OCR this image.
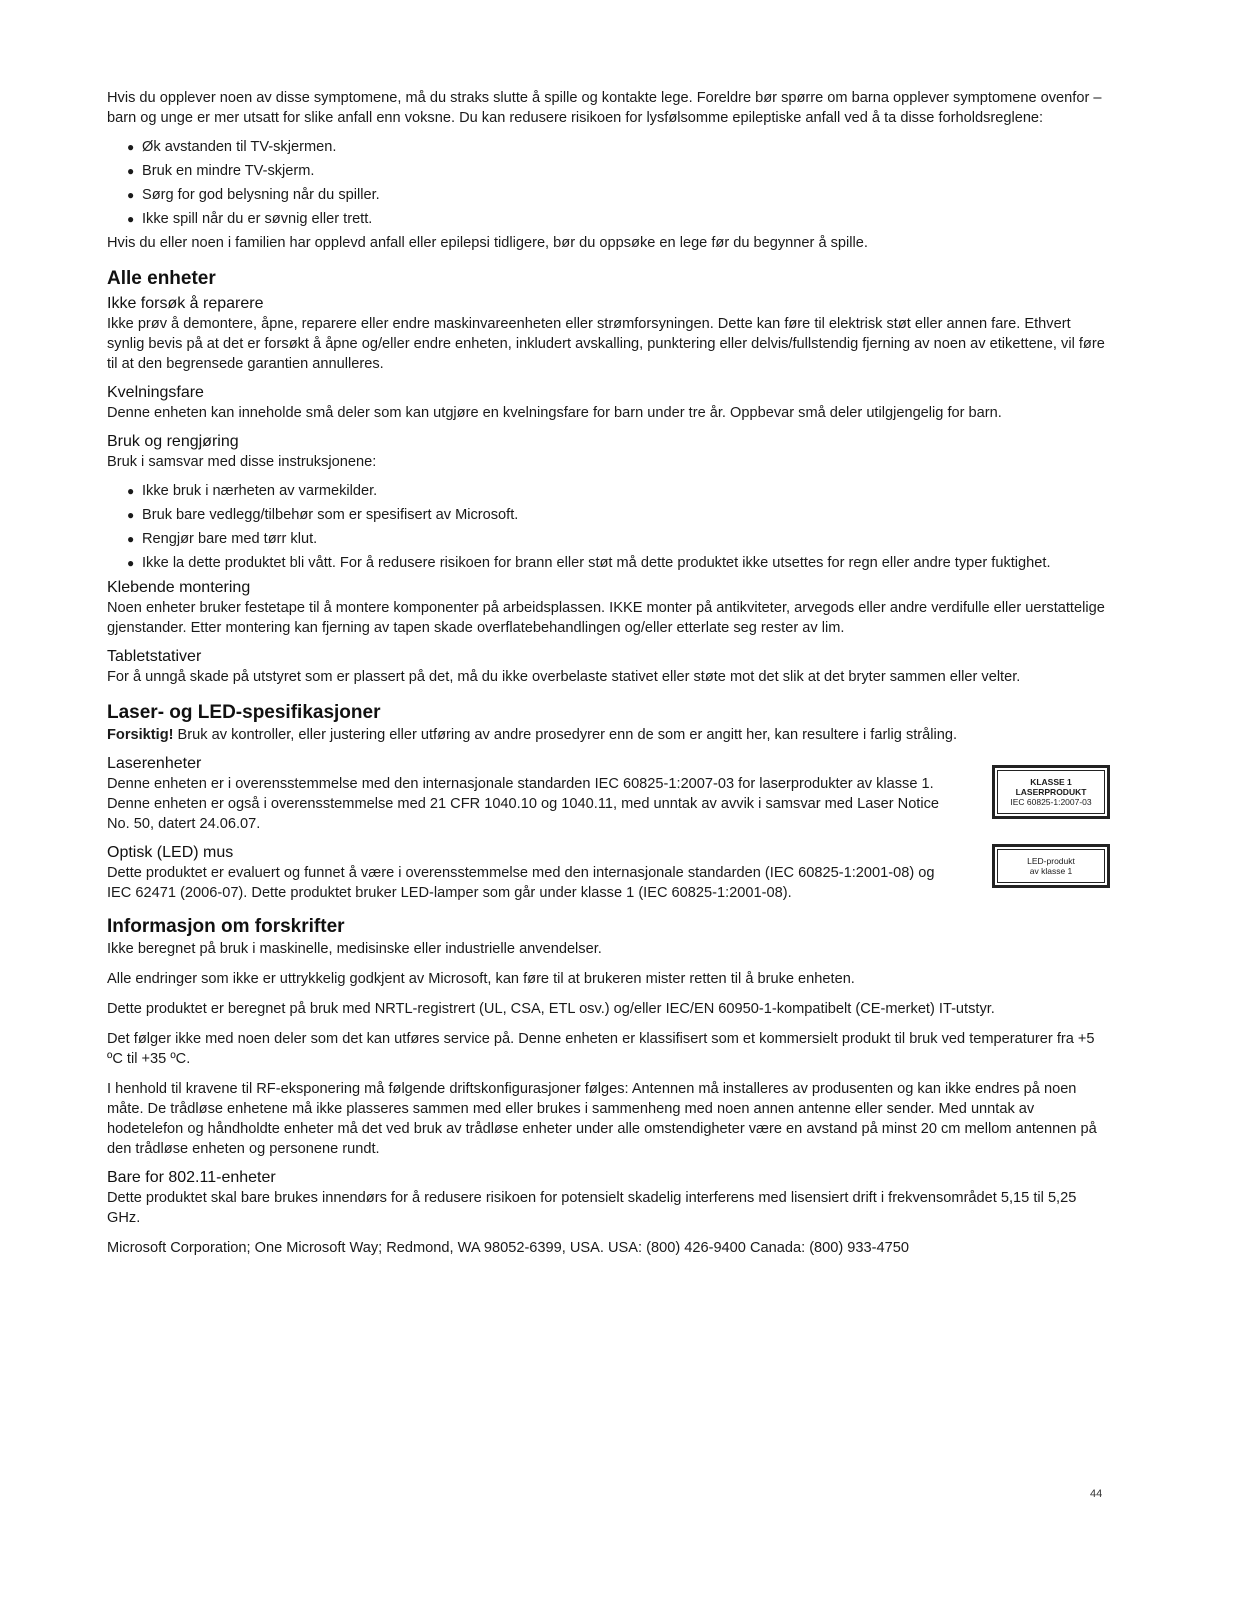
Hvis du opplever noen av disse symptomene, må du straks slutte å spille og kontakte lege. Foreldre bør spørre om barna opplever symptomene ovenfor – barn og unge er mer utsatt for slike anfall enn voksne. Du kan redusere risikoen for lysfølsomme epileptiske anfall ved å ta disse forholdsreglene:

● Øk avstanden til TV-skjermen.
● Bruk en mindre TV-skjerm.
● Sørg for god belysning når du spiller.
● Ikke spill når du er søvnig eller trett.

Hvis du eller noen i familien har opplevd anfall eller epilepsi tidligere, bør du oppsøke en lege før du begynner å spille.

Alle enheter
Ikke forsøk å reparere

Ikke prøv å demontere, åpne, reparere eller endre maskinvareenheten eller strømforsyningen. Dette kan føre til elektrisk støt eller annen fare. Ethvert synlig bevis på at det er forsøkt å åpne og/eller endre enheten, inkludert avskalling, punktering eller delvis/fullstendig fjerning av noen av etikettene, vil føre til at den begrensede garantien annulleres.

Kvelningsfare

Denne enheten kan inneholde små deler som kan utgjøre en kvelningsfare for barn under tre år. Oppbevar små deler utilgjengelig for barn.

Bruk og rengjøring

Bruk i samsvar med disse instruksjonene:

● Ikke bruk i nærheten av varmekilder.
● Bruk bare vedlegg/tilbehør som er spesifisert av Microsoft.
● Rengjør bare med tørr klut.
● Ikke la dette produktet bli vått. For å redusere risikoen for brann eller støt må dette produktet ikke utsettes for regn eller andre typer fuktighet.
Klebende montering

Noen enheter bruker festetape til å montere komponenter på arbeidsplassen. IKKE monter på antikviteter, arvegods eller andre verdifulle eller uerstattelige gjenstander. Etter montering kan fjerning av tapen skade overflatebehandlingen og/eller etterlate seg rester av lim.

Tabletstativer

For å unngå skade på utstyret som er plassert på det, må du ikke overbelaste stativet eller støte mot det slik at det bryter sammen eller velter.

Laser- og LED-spesifikasjoner

Forsiktig! Bruk av kontroller, eller justering eller utføring av andre prosedyrer enn de som er angitt her, kan resultere i farlig stråling.

Laserenheter

Denne enheten er i overensstemmelse med den internasjonale standarden IEC 60825-1:2007-03 for laserprodukter av klasse 1. Denne enheten er også i overensstemmelse med 21 CFR 1040.10 og 1040.11, med unntak av avvik i samsvar med Laser Notice No. 50, datert 24.06.07.

KLASSE 1
LASERPRODUKT
IEC 60825-1:2007-03
Optisk (LED) mus

Dette produktet er evaluert og funnet å være i overensstemmelse med den internasjonale standarden (IEC 60825-1:2001-08) og IEC 62471 (2006-07). Dette produktet bruker LED-lamper som går under klasse 1 (IEC 60825-1:2001-08).

LED-produkt
av klasse 1
Informasjon om forskrifter

Ikke beregnet på bruk i maskinelle, medisinske eller industrielle anvendelser.

Alle endringer som ikke er uttrykkelig godkjent av Microsoft, kan føre til at brukeren mister retten til å bruke enheten.

Dette produktet er beregnet på bruk med NRTL-registrert (UL, CSA, ETL osv.) og/eller IEC/EN 60950-1-kompatibelt (CE-merket) IT-utstyr.

Det følger ikke med noen deler som det kan utføres service på. Denne enheten er klassifisert som et kommersielt produkt til bruk ved temperaturer fra +5 ºC til +35 ºC.

I henhold til kravene til RF-eksponering må følgende driftskonfigurasjoner følges: Antennen må installeres av produsenten og kan ikke endres på noen måte. De trådløse enhetene må ikke plasseres sammen med eller brukes i sammenheng med noen annen antenne eller sender. Med unntak av hodetelefon og håndholdte enheter må det ved bruk av trådløse enheter under alle omstendigheter være en avstand på minst 20 cm mellom antennen på den trådløse enheten og personene rundt.

Bare for 802.11-enheter

Dette produktet skal bare brukes innendørs for å redusere risikoen for potensielt skadelig interferens med lisensiert drift i frekvensområdet 5,15 til 5,25 GHz.

Microsoft Corporation; One Microsoft Way; Redmond, WA 98052-6399, USA. USA: (800) 426-9400 Canada: (800) 933-4750

44
